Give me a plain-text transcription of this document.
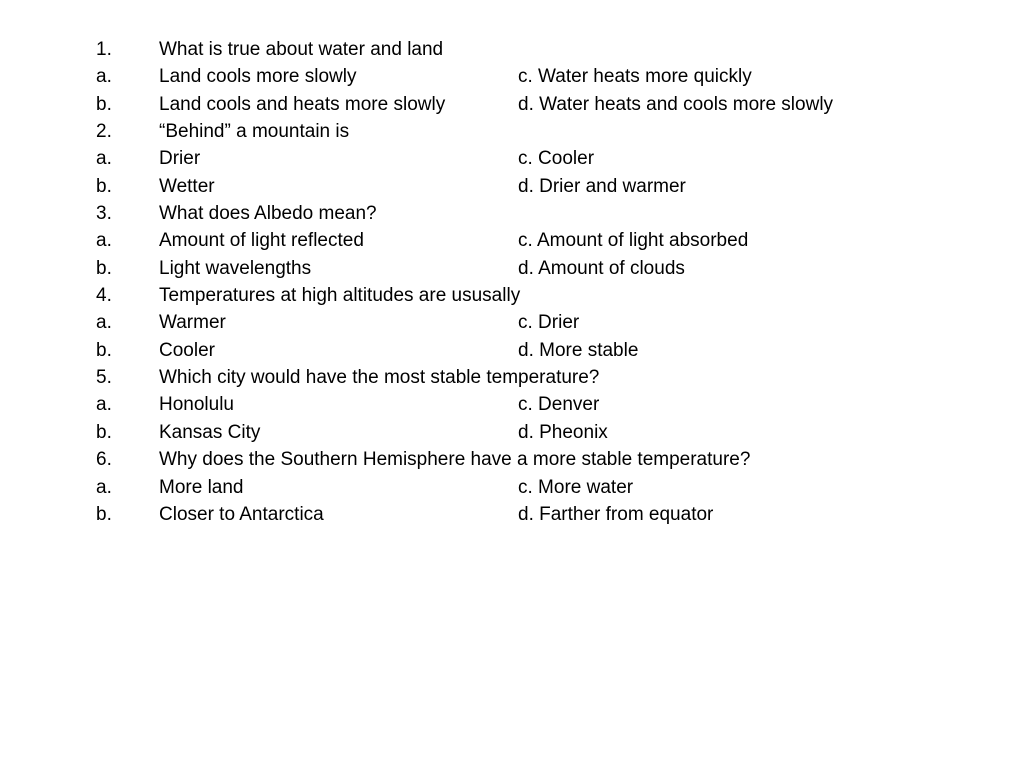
1. What is true about water and land
a. Land cools more slowly	c. Water heats more quickly
b. Land cools and heats more slowly	d. Water heats and cools more slowly
2. “Behind” a mountain is
a. Drier	c. Cooler
b. Wetter	d. Drier and warmer
3. What does Albedo mean?
a. Amount of light reflected	c. Amount of light absorbed
b. Light wavelengths	d. Amount of clouds
4. Temperatures at high altitudes are ususally
a. Warmer	c. Drier
b. Cooler	d. More stable
5. Which city would have the most stable temperature?
a. Honolulu	c. Denver
b. Kansas City	d. Pheonix
6. Why does the Southern Hemisphere have a more stable temperature?
a. More land	c. More water
b. Closer to Antarctica	d. Farther from equator
